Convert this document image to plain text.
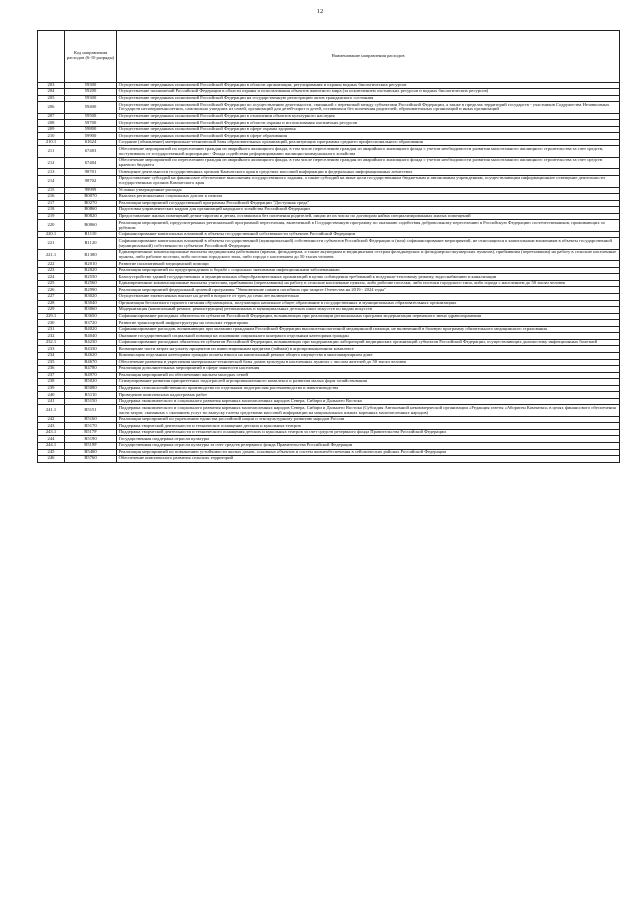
12
	Код направления расходов (6-10 разряды)	Наименование направления расходов
203	59300	Осуществление переданных полномочий Российской Федерации в области организации, регулирования и охраны водных биологических ресурсов
204	59200	Осуществление полномочий Российской Федерации в области охраны и использования объектов животного мира (за исключением охотничьих ресурсов и водных биологических ресурсов)
205	59300	Осуществление переданных полномочий Российской Федерации на государственную регистрацию актов гражданского состояния
206	59400	Осуществление переданных полномочий Российской Федерации по осуществлению деятельности, связанной с перевозкой между субъектами Российской Федерации, а также в пределах территорий государств - участников Содружества Независимых Государств несовершеннолетних, самовольно ушедших из семей, организаций для детей-сирот и детей, оставшихся без попечения родителей, образовательных организаций и иных организаций
207	59500	Осуществление переданных полномочий Российской Федерации в отношении объектов культурного наследия
208	59700	Осуществление переданных полномочий Российской Федерации в области охраны и использования охотничьих ресурсов
209	59800	Осуществление переданных полномочий Российской Федерации в сфере охраны здоровья
210	59900	Осуществление переданных полномочий Российской Федерации в сфере образования
210.1	61624	Создание (обновление) материально-технической базы образовательных организаций, реализующих программы среднего профессионального образования
211	67483	Обеспечение мероприятий по переселению граждан из аварийного жилищного фонда, в том числе переселению граждан из аварийного жилищного фонда с учетом необходимости развития малоэтажного жилищного строительства за счет средств, поступивших от государственной корпорации - Фонда содействия реформированию жилищно-коммунального хозяйства
212	67484	Обеспечение мероприятий по переселению граждан из аварийного жилищного фонда, в том числе переселению граждан из аварийного жилищного фонда с учетом необходимости развития малоэтажного жилищного строительства за счет средств краевого бюджета
213	98701	Освещение деятельности государственных органов Камчатского края в средствах массовой информации и федеральных информационных агентствах
214	98702	Предоставление субсидий на финансовое обеспечение выполнения государственного задания, а также субсидий на иные цели государственным бюджетным и автономным учреждениям, осуществляющим информационное освещение деятельности государственных органов Камчатского края
215	99999	Условно утвержденные расходы
216	R0070	Выплата региональных социальных доплат к пенсии
217	R0270	Реализация мероприятий государственной программы Российской Федерации "Доступная среда"
218	R0860	Подготовка управленческих кадров для организаций народного хозяйства Российской Федерации
219	R0820	Предоставление жилых помещений детям-сиротам и детям, оставшимся без попечения родителей, лицам из их числа по договорам найма специализированных жилых помещений
220	R0860	Реализация мероприятий, предусмотренных региональной программой переселения, включенной в Государственную программу по оказанию содействия добровольному переселению в Российскую Федерацию соотечественников, проживающих за рубежом
220.1	R1110	Софинансирование капитальных вложений в объекты государственной собственности субъектов Российской Федерации
221	R1120	Софинансирование капитальных вложений в объекты государственной (муниципальной) собственности субъектов Российской Федерации и (или) софинансирование мероприятий, не относящихся к капитальным вложениям в объекты государственной (муниципальной) собственности субъектов Российской Федерации
221.1	R1380	Единовременные компенсационные выплаты медицинским работникам (врачам, фельдшерам, а также акушеркам и медицинским сестрам фельдшерских и фельдшерско-акушерских пунктов), прибывшим (переехавшим) на работу в сельские населенные пункты, либо рабочие поселки, либо поселки городского типа, либо города с населением до 50 тысяч человек
222	R2010	Развитие паллиативной медицинской помощи
223	R2020	Реализация мероприятий по предупреждению и борьбе с социально значимыми инфекционными заболеваниями
224	R2550	Благоустройство зданий государственных и муниципальных общеобразовательных организаций в целях соблюдения требований к воздушно-тепловому режиму, водоснабжению и канализации
225	R2560	Единовременные компенсационные выплаты учителям, прибывшим (переехавшим) на работу в сельские населенные пункты, либо рабочие поселки, либо поселки городского типа, либо города с населением до 50 тысяч человек
226	R2990	Реализация мероприятий федеральной целевой программы "Увековечение памяти погибших при защите Отечества на 2019 - 2024 годы"
227	R3020	Осуществление ежемесячных выплат на детей в возрасте от трех до семи лет включительно
228	R3040	Организация бесплатного горячего питания обучающихся, получающих начальное общее образование в государственных и муниципальных образовательных организациях
229	R3060	Модернизация (капитальный ремонт, реконструкция) региональных и муниципальных детских школ искусств по видам искусств
229.1	R3650	Софинансирование расходных обязательств субъектов Российской Федерации, возникающих при реализации региональных программ модернизации первичного звена здравоохранения
230	R3720	Развитие транспортной инфраструктуры на сельских территориях
231	R4020	Софинансирование расходов, возникающих при оказании гражданам Российской Федерации высокотехнологичной медицинской помощи, не включенной в базовую программу обязательного медицинского страхования
232	R4040	Оказание государственной социальной помощи на основании социального контракта отдельным категориям граждан
232.1	R4230	Софинансирование расходных обязательств субъектов Российской Федерации, возникающих при модернизации лабораторий медицинских организаций субъектов Российской Федерации, осуществляющих диагностику инфекционных болезней
233	R4330	Возмещение части затрат на уплату процентов по инвестиционным кредитам (займам) в агропромышленном комплексе
234	R4620	Компенсация отдельным категориям граждан оплаты взноса на капитальный ремонт общего имущества в многоквартирном доме
235	R4670	Обеспечение развития и укрепления материально-технической базы домов культуры в населенных пунктах с числом жителей до 50 тысяч человек
236	R4780	Реализация дополнительных мероприятий в сфере занятости населения
237	R4970	Реализация мероприятий по обеспечению жильем молодых семей
238	R5020	Стимулирование развития приоритетных подотраслей агропромышленного комплекса и развития малых форм хозяйствования
239	R5080	Поддержка сельскохозяйственного производства по отдельным подотраслям растениеводства и животноводства
240	R5110	Проведение комплексных кадастровых работ
241	R5150	Поддержка экономического и социального развития коренных малочисленных народов Севера, Сибири и Дальнего Востока
241.1	R5151	Поддержка экономического и социального развития коренных малочисленных народов Севера, Сибири и Дальнего Востока (Субсидия Автономной некоммерческой организации «Редакция газеты «Абориген Камчатки» в целях финансового обеспечения части затрат, связанных с оказанием услуг по выпуску газеты средствами массовой информации на национальных языках коренных малочисленных народов)
242	R5160	Реализация мероприятий по укреплению единства российской нации и этнокультурному развитию народов России
243	R5170	Поддержка творческой деятельности и техническое оснащение детских и кукольных театров
243.1	R517F	Поддержка творческой деятельности и технического оснащения детских и кукольных театров за счет средств резервного фонда Правительства Российской Федерации
244	R5190	Государственная поддержка отрасли культуры
244.1	R519F	Государственная поддержка отрасли культуры за счет средств резервного фонда Правительства Российской Федерации
245	R5400	Реализация мероприятий по повышению устойчивости жилых домов, основных объектов и систем жизнеобеспечения в сейсмических районах Российской Федерации
246	R5760	Обеспечение комплексного развития сельских территорий
